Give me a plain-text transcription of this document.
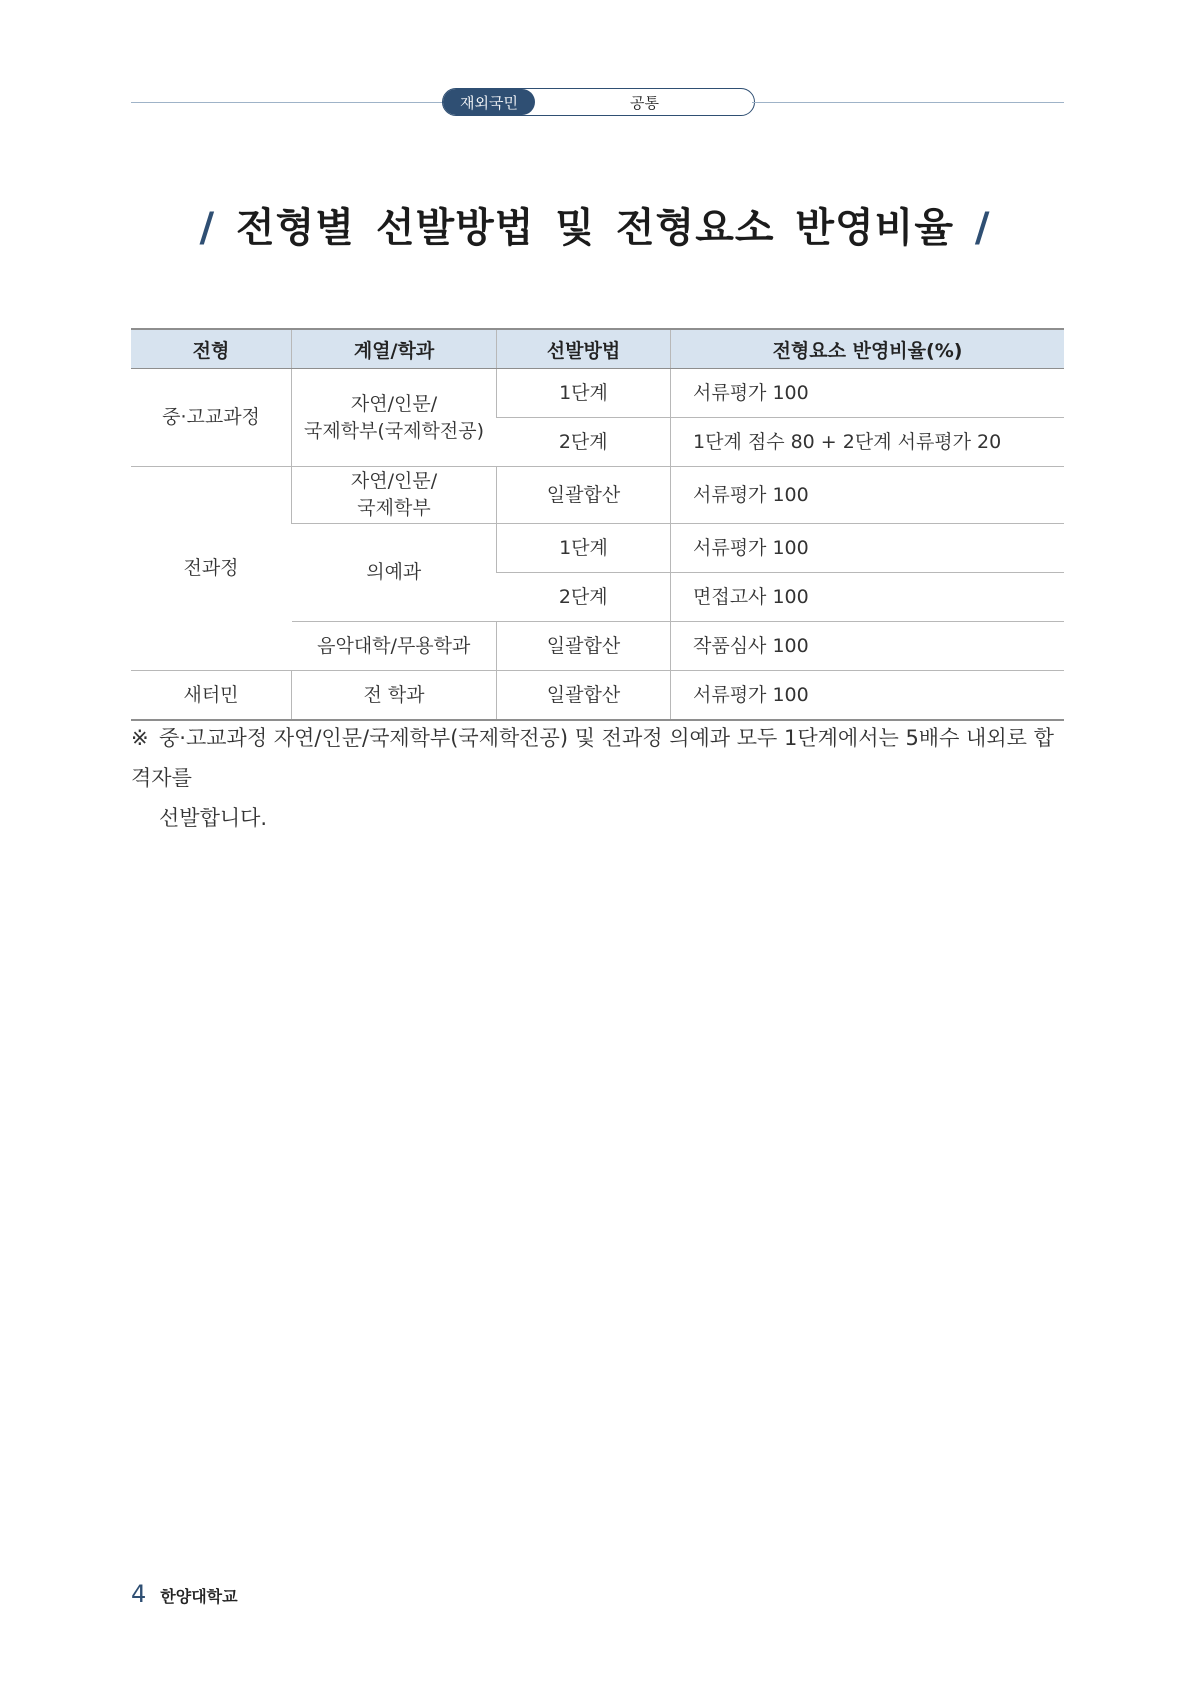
재외국민	공통
/ 전형별 선발방법 및 전형요소 반영비율 /
전형	계열/학과	선발방법	전형요소 반영비율(%)
중·고교과정	자연/인문/
국제학부(국제학전공)	1단계	서류평가 100
		2단계	1단계 점수 80 + 2단계 서류평가 20
전과정	자연/인문/
국제학부	일괄합산	서류평가 100
	의예과	1단계	서류평가 100
		2단계	면접고사 100
	음악대학/무용학과	일괄합산	작품심사 100
새터민	전 학과	일괄합산	서류평가 100
※ 중·고교과정 자연/인문/국제학부(국제학전공) 및 전과정 의예과 모두 1단계에서는 5배수 내외로 합격자를
선발합니다.
4 한양대학교
